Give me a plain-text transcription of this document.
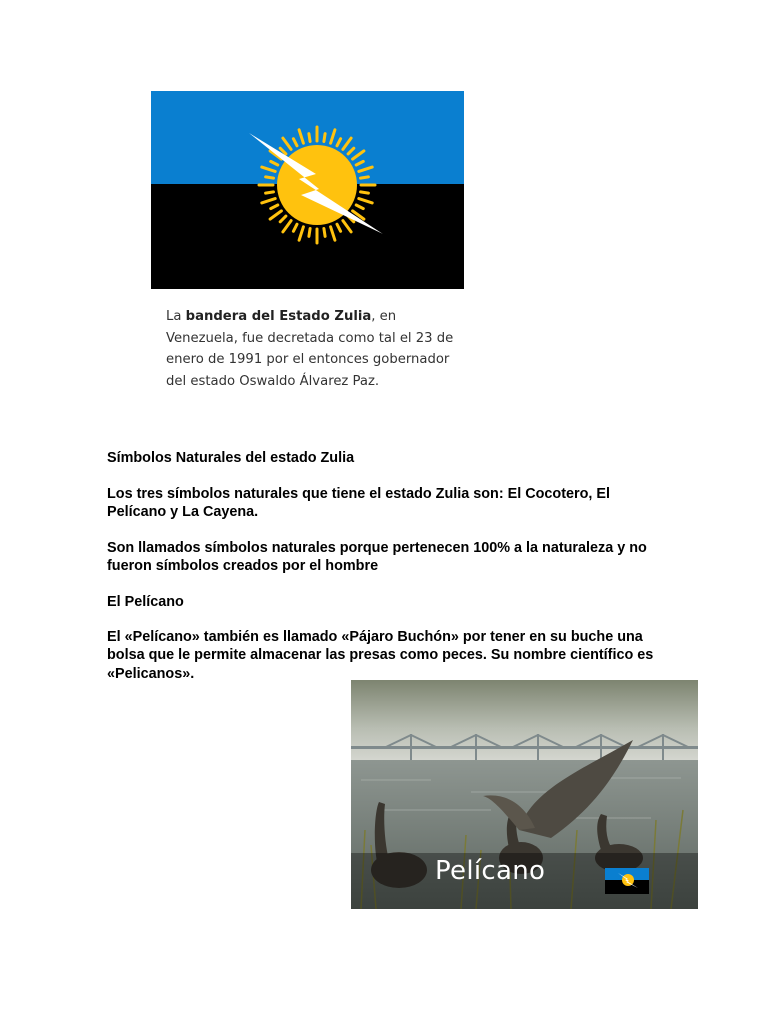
La bandera del Estado Zulia, en Venezuela, fue decretada como tal el 23 de enero de 1991 por el entonces gobernador del estado Oswaldo Álvarez Paz.

Símbolos Naturales del estado Zulia

Los tres símbolos naturales que tiene el estado Zulia son: El Cocotero, El Pelícano y La Cayena.

Son llamados símbolos naturales porque pertenecen 100% a la naturaleza y no fueron símbolos creados por el hombre

El Pelícano

El «Pelícano» también es llamado «Pájaro Buchón» por tener en su buche una bolsa que le permite almacenar las presas como peces. Su nombre científico es «Pelicanos».

Pelícano
